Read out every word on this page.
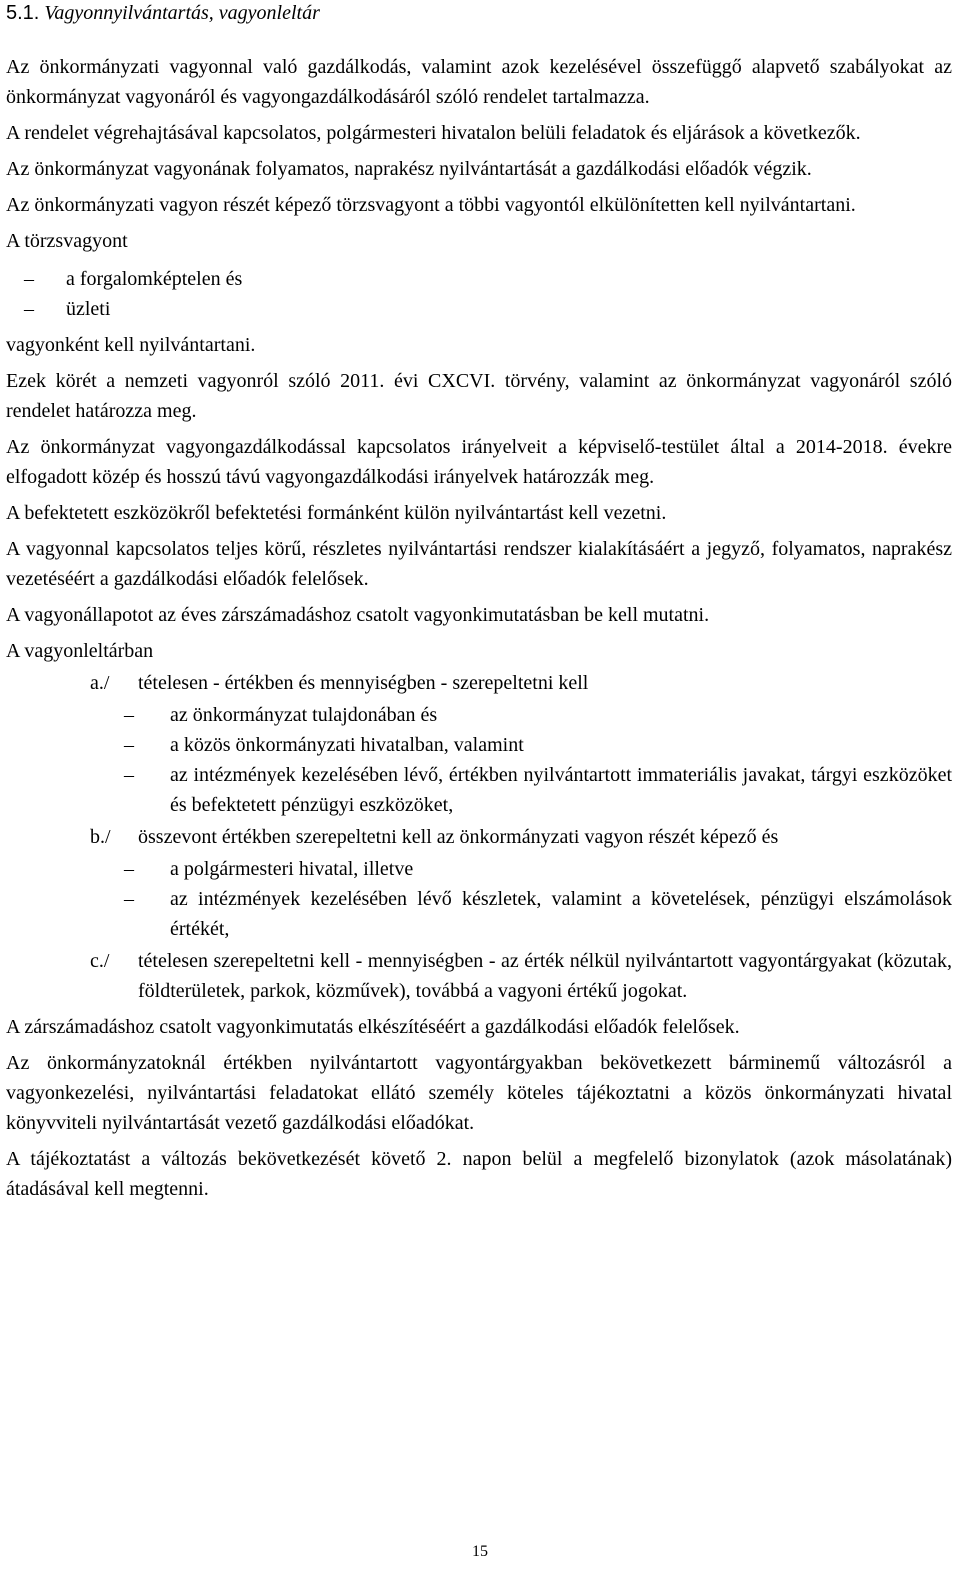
5.1. Vagyonnyilvántartás, vagyonleltár

Az önkormányzati vagyonnal való gazdálkodás, valamint azok kezelésével összefüggő alapvető szabályokat az önkormányzat vagyonáról és vagyongazdálkodásáról szóló rendelet tartalmazza.

A rendelet végrehajtásával kapcsolatos, polgármesteri hivatalon belüli feladatok és eljárások a következők.

Az önkormányzat vagyonának folyamatos, naprakész nyilvántartását a gazdálkodási előadók végzik.

Az önkormányzati vagyon részét képező törzsvagyont a többi vagyontól elkülönítetten kell nyilvántartani.

A törzsvagyont

– a forgalomképtelen és
– üzleti

vagyonként kell nyilvántartani.

Ezek körét a nemzeti vagyonról szóló 2011. évi CXCVI. törvény, valamint az önkormányzat vagyonáról szóló rendelet határozza meg.

Az önkormányzat vagyongazdálkodással kapcsolatos irányelveit a képviselő-testület által a 2014-2018. évekre elfogadott közép és hosszú távú vagyongazdálkodási irányelvek határozzák meg.

A befektetett eszközökről befektetési formánként külön nyilvántartást kell vezetni.

A vagyonnal kapcsolatos teljes körű, részletes nyilvántartási rendszer kialakításáért a jegyző, folyamatos, naprakész vezetéséért a gazdálkodási előadók felelősek.

A vagyonállapotot az éves zárszámadáshoz csatolt vagyonkimutatásban be kell mutatni.

A vagyonleltárban

a./ tételesen - értékben és mennyiségben - szerepeltetni kell
– az önkormányzat tulajdonában és
– a közös önkormányzati hivatalban, valamint
– az intézmények kezelésében lévő, értékben nyilvántartott immateriális javakat, tárgyi eszközöket és befektetett pénzügyi eszközöket,
b./ összevont értékben szerepeltetni kell az önkormányzati vagyon részét képező és
– a polgármesteri hivatal, illetve
– az intézmények kezelésében lévő készletek, valamint a követelések, pénzügyi elszámolások értékét,
c./ tételesen szerepeltetni kell - mennyiségben - az érték nélkül nyilvántartott vagyontárgyakat (közutak, földterületek, parkok, közművek), továbbá a vagyoni értékű jogokat.

A zárszámadáshoz csatolt vagyonkimutatás elkészítéséért a gazdálkodási előadók felelősek.

Az önkormányzatoknál értékben nyilvántartott vagyontárgyakban bekövetkezett bárminemű változásról a vagyonkezelési, nyilvántartási feladatokat ellátó személy köteles tájékoztatni a közös önkormányzati hivatal könyvviteli nyilvántartását vezető gazdálkodási előadókat.

A tájékoztatást a változás bekövetkezését követő 2. napon belül a megfelelő bizonylatok (azok másolatának) átadásával kell megtenni.

15
